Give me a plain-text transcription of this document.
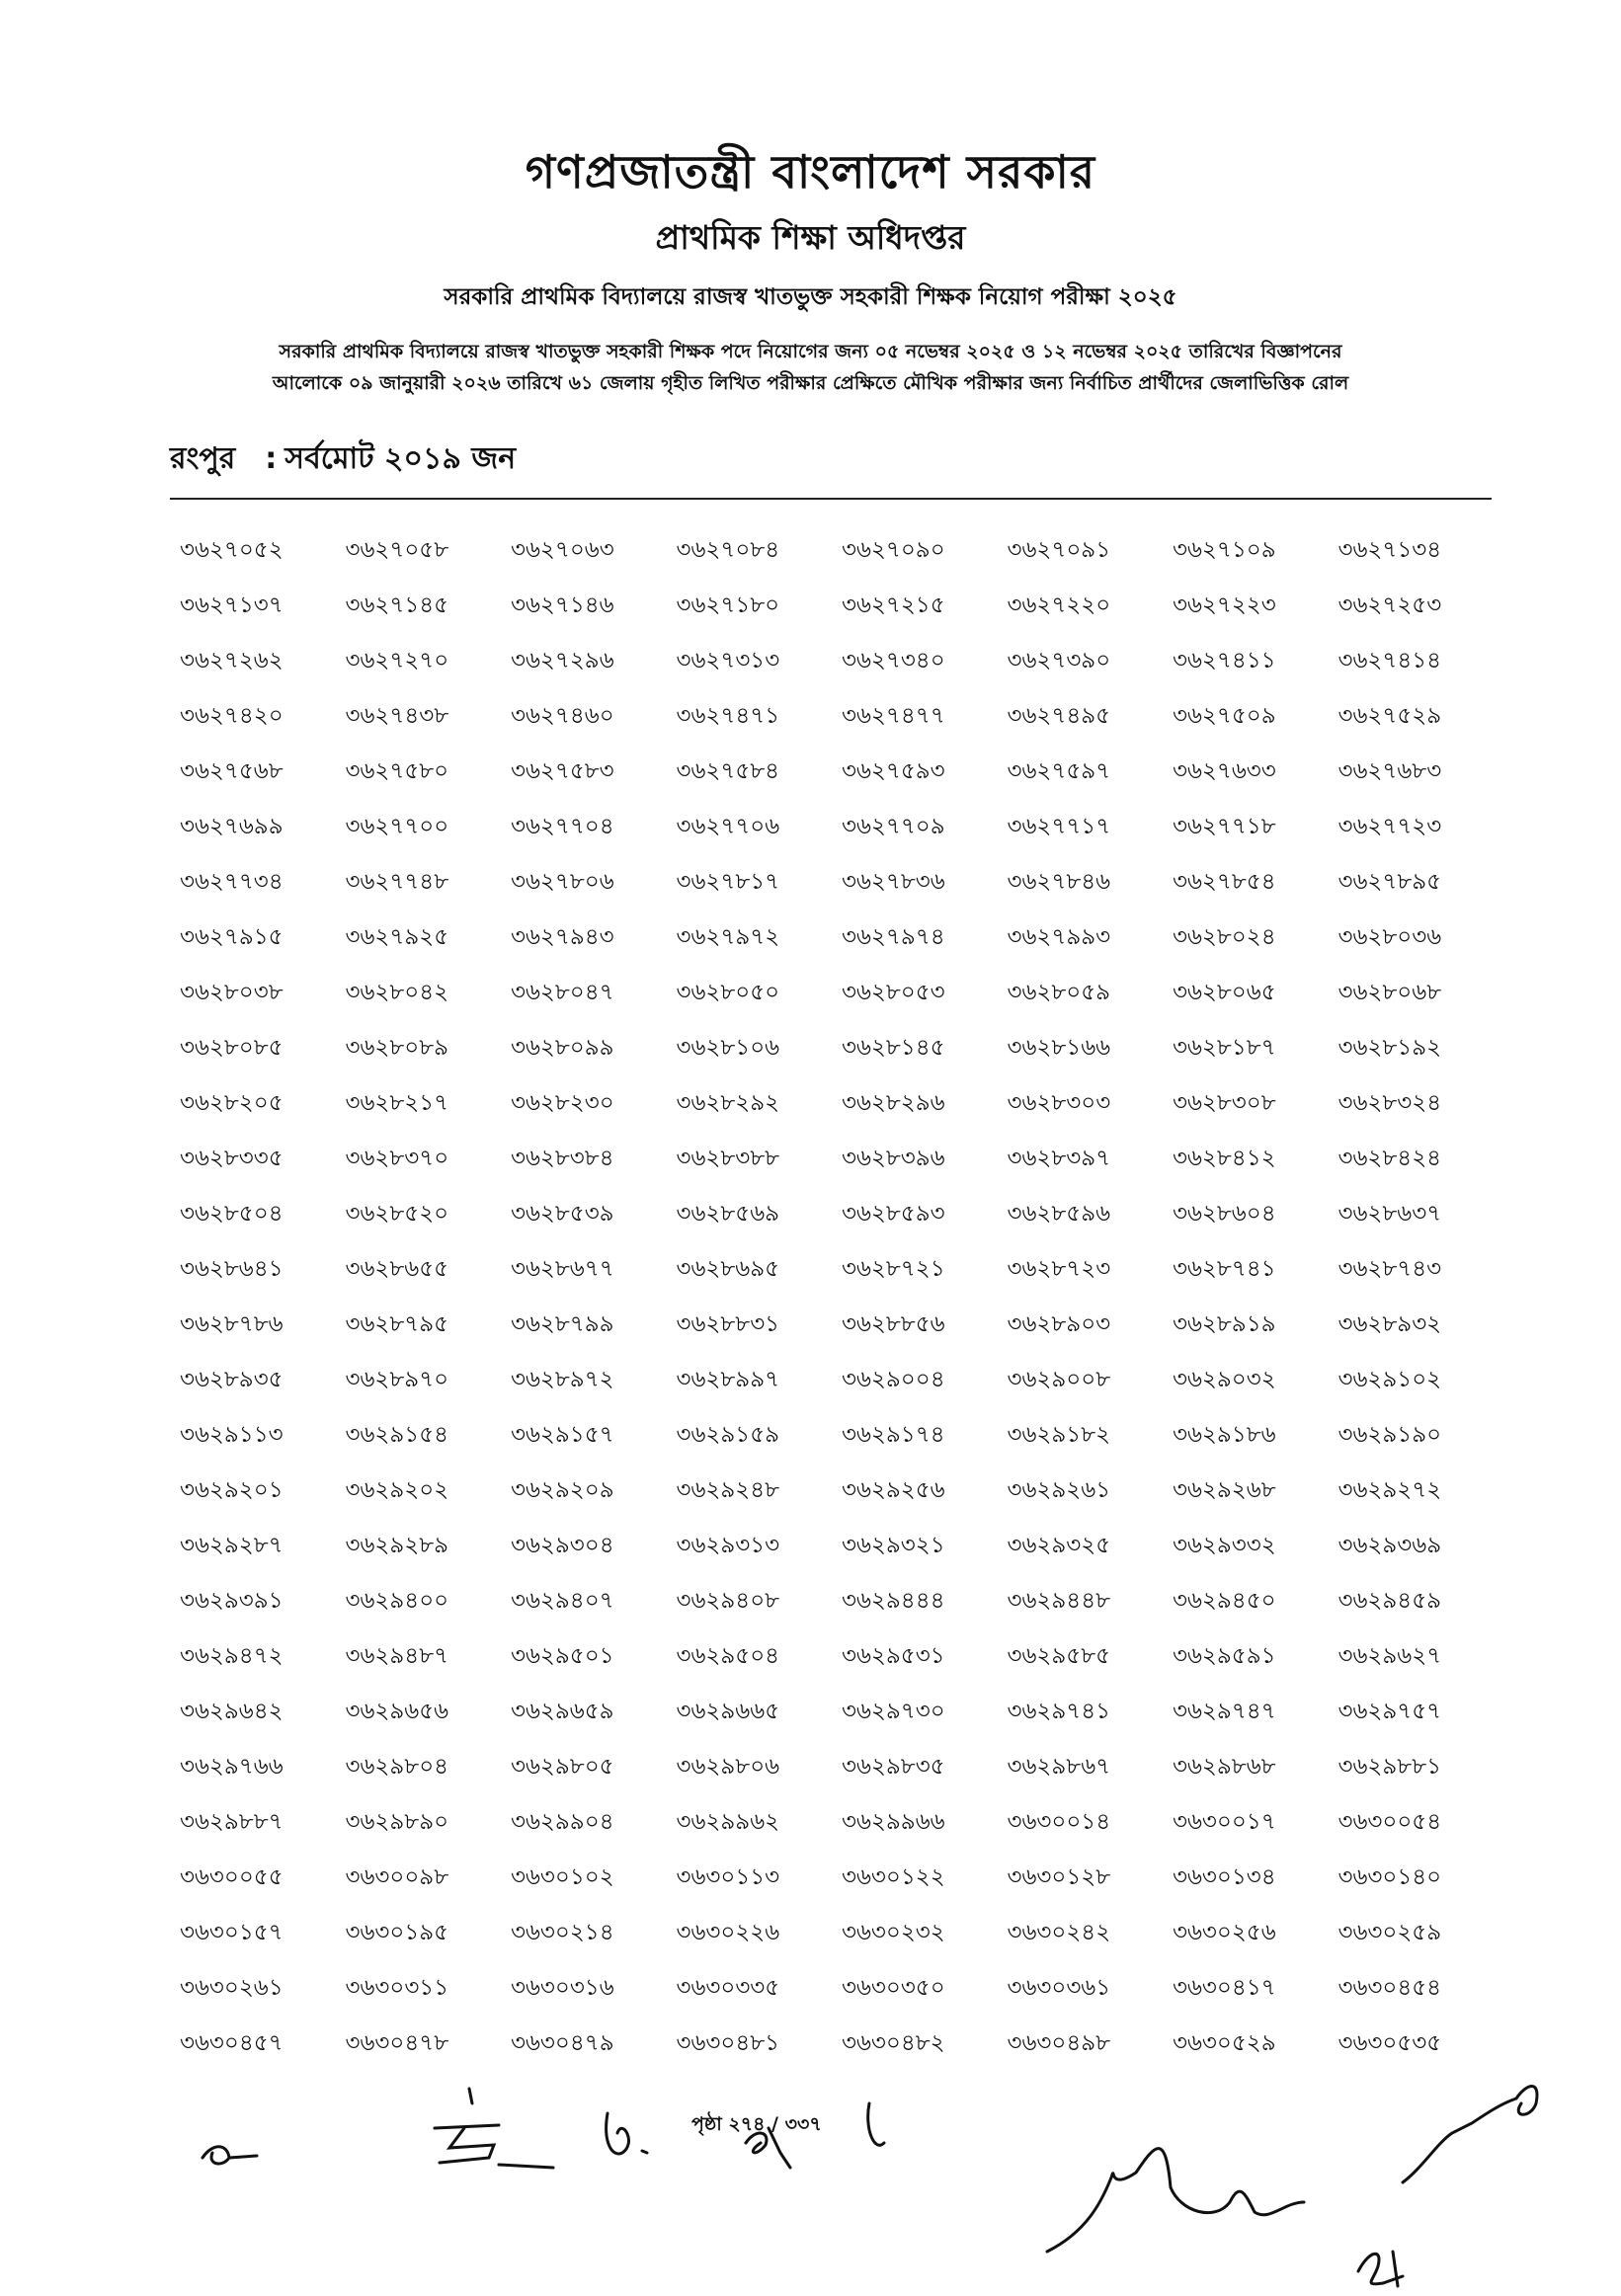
গণপ্রজাতন্ত্রী বাংলাদেশ সরকার
প্রাথমিক শিক্ষা অধিদপ্তর
সরকারি প্রাথমিক বিদ্যালয়ে রাজস্ব খাতভুক্ত সহকারী শিক্ষক নিয়োগ পরীক্ষা ২০২৫
সরকারি প্রাথমিক বিদ্যালয়ে রাজস্ব খাতভুক্ত সহকারী শিক্ষক পদে নিয়োগের জন্য ০৫ নভেম্বর ২০২৫ ও ১২ নভেম্বর ২০২৫ তারিখের বিজ্ঞাপনের
আলোকে ০৯ জানুয়ারী ২০২৬ তারিখে ৬১ জেলায় গৃহীত লিখিত পরীক্ষার প্রেক্ষিতে মৌখিক পরীক্ষার জন্য নির্বাচিত প্রার্থীদের জেলাভিত্তিক রোল
রংপুর : সর্বমোট ২০১৯ জন
৩৬২৭০৫২	৩৬২৭০৫৮	৩৬২৭০৬৩	৩৬২৭০৮৪	৩৬২৭০৯০	৩৬২৭০৯১	৩৬২৭১০৯	৩৬২৭১৩৪
৩৬২৭১৩৭	৩৬২৭১৪৫	৩৬২৭১৪৬	৩৬২৭১৮০	৩৬২৭২১৫	৩৬২৭২২০	৩৬২৭২২৩	৩৬২৭২৫৩
৩৬২৭২৬২	৩৬২৭২৭০	৩৬২৭২৯৬	৩৬২৭৩১৩	৩৬২৭৩৪০	৩৬২৭৩৯০	৩৬২৭৪১১	৩৬২৭৪১৪
৩৬২৭৪২০	৩৬২৭৪৩৮	৩৬২৭৪৬০	৩৬২৭৪৭১	৩৬২৭৪৭৭	৩৬২৭৪৯৫	৩৬২৭৫০৯	৩৬২৭৫২৯
৩৬২৭৫৬৮	৩৬২৭৫৮০	৩৬২৭৫৮৩	৩৬২৭৫৮৪	৩৬২৭৫৯৩	৩৬২৭৫৯৭	৩৬২৭৬৩৩	৩৬২৭৬৮৩
৩৬২৭৬৯৯	৩৬২৭৭০০	৩৬২৭৭০৪	৩৬২৭৭০৬	৩৬২৭৭০৯	৩৬২৭৭১৭	৩৬২৭৭১৮	৩৬২৭৭২৩
৩৬২৭৭৩৪	৩৬২৭৭৪৮	৩৬২৭৮০৬	৩৬২৭৮১৭	৩৬২৭৮৩৬	৩৬২৭৮৪৬	৩৬২৭৮৫৪	৩৬২৭৮৯৫
৩৬২৭৯১৫	৩৬২৭৯২৫	৩৬২৭৯৪৩	৩৬২৭৯৭২	৩৬২৭৯৭৪	৩৬২৭৯৯৩	৩৬২৮০২৪	৩৬২৮০৩৬
৩৬২৮০৩৮	৩৬২৮০৪২	৩৬২৮০৪৭	৩৬২৮০৫০	৩৬২৮০৫৩	৩৬২৮০৫৯	৩৬২৮০৬৫	৩৬২৮০৬৮
৩৬২৮০৮৫	৩৬২৮০৮৯	৩৬২৮০৯৯	৩৬২৮১০৬	৩৬২৮১৪৫	৩৬২৮১৬৬	৩৬২৮১৮৭	৩৬২৮১৯২
৩৬২৮২০৫	৩৬২৮২১৭	৩৬২৮২৩০	৩৬২৮২৯২	৩৬২৮২৯৬	৩৬২৮৩০৩	৩৬২৮৩০৮	৩৬২৮৩২৪
৩৬২৮৩৩৫	৩৬২৮৩৭০	৩৬২৮৩৮৪	৩৬২৮৩৮৮	৩৬২৮৩৯৬	৩৬২৮৩৯৭	৩৬২৮৪১২	৩৬২৮৪২৪
৩৬২৮৫০৪	৩৬২৮৫২০	৩৬২৮৫৩৯	৩৬২৮৫৬৯	৩৬২৮৫৯৩	৩৬২৮৫৯৬	৩৬২৮৬০৪	৩৬২৮৬৩৭
৩৬২৮৬৪১	৩৬২৮৬৫৫	৩৬২৮৬৭৭	৩৬২৮৬৯৫	৩৬২৮৭২১	৩৬২৮৭২৩	৩৬২৮৭৪১	৩৬২৮৭৪৩
৩৬২৮৭৮৬	৩৬২৮৭৯৫	৩৬২৮৭৯৯	৩৬২৮৮৩১	৩৬২৮৮৫৬	৩৬২৮৯০৩	৩৬২৮৯১৯	৩৬২৮৯৩২
৩৬২৮৯৩৫	৩৬২৮৯৭০	৩৬২৮৯৭২	৩৬২৮৯৯৭	৩৬২৯০০৪	৩৬২৯০০৮	৩৬২৯০৩২	৩৬২৯১০২
৩৬২৯১১৩	৩৬২৯১৫৪	৩৬২৯১৫৭	৩৬২৯১৫৯	৩৬২৯১৭৪	৩৬২৯১৮২	৩৬২৯১৮৬	৩৬২৯১৯০
৩৬২৯২০১	৩৬২৯২০২	৩৬২৯২০৯	৩৬২৯২৪৮	৩৬২৯২৫৬	৩৬২৯২৬১	৩৬২৯২৬৮	৩৬২৯২৭২
৩৬২৯২৮৭	৩৬২৯২৮৯	৩৬২৯৩০৪	৩৬২৯৩১৩	৩৬২৯৩২১	৩৬২৯৩২৫	৩৬২৯৩৩২	৩৬২৯৩৬৯
৩৬২৯৩৯১	৩৬২৯৪০০	৩৬২৯৪০৭	৩৬২৯৪০৮	৩৬২৯৪৪৪	৩৬২৯৪৪৮	৩৬২৯৪৫০	৩৬২৯৪৫৯
৩৬২৯৪৭২	৩৬২৯৪৮৭	৩৬২৯৫০১	৩৬২৯৫০৪	৩৬২৯৫৩১	৩৬২৯৫৮৫	৩৬২৯৫৯১	৩৬২৯৬২৭
৩৬২৯৬৪২	৩৬২৯৬৫৬	৩৬২৯৬৫৯	৩৬২৯৬৬৫	৩৬২৯৭৩০	৩৬২৯৭৪১	৩৬২৯৭৪৭	৩৬২৯৭৫৭
৩৬২৯৭৬৬	৩৬২৯৮০৪	৩৬২৯৮০৫	৩৬২৯৮০৬	৩৬২৯৮৩৫	৩৬২৯৮৬৭	৩৬২৯৮৬৮	৩৬২৯৮৮১
৩৬২৯৮৮৭	৩৬২৯৮৯০	৩৬২৯৯০৪	৩৬২৯৯৬২	৩৬২৯৯৬৬	৩৬৩০০১৪	৩৬৩০০১৭	৩৬৩০০৫৪
৩৬৩০০৫৫	৩৬৩০০৯৮	৩৬৩০১০২	৩৬৩০১১৩	৩৬৩০১২২	৩৬৩০১২৮	৩৬৩০১৩৪	৩৬৩০১৪০
৩৬৩০১৫৭	৩৬৩০১৯৫	৩৬৩০২১৪	৩৬৩০২২৬	৩৬৩০২৩২	৩৬৩০২৪২	৩৬৩০২৫৬	৩৬৩০২৫৯
৩৬৩০২৬১	৩৬৩০৩১১	৩৬৩০৩১৬	৩৬৩০৩৩৫	৩৬৩০৩৫০	৩৬৩০৩৬১	৩৬৩০৪১৭	৩৬৩০৪৫৪
৩৬৩০৪৫৭	৩৬৩০৪৭৮	৩৬৩০৪৭৯	৩৬৩০৪৮১	৩৬৩০৪৮২	৩৬৩০৪৯৮	৩৬৩০৫২৯	৩৬৩০৫৩৫
পৃষ্ঠা ২৭৪ / ৩৩৭
